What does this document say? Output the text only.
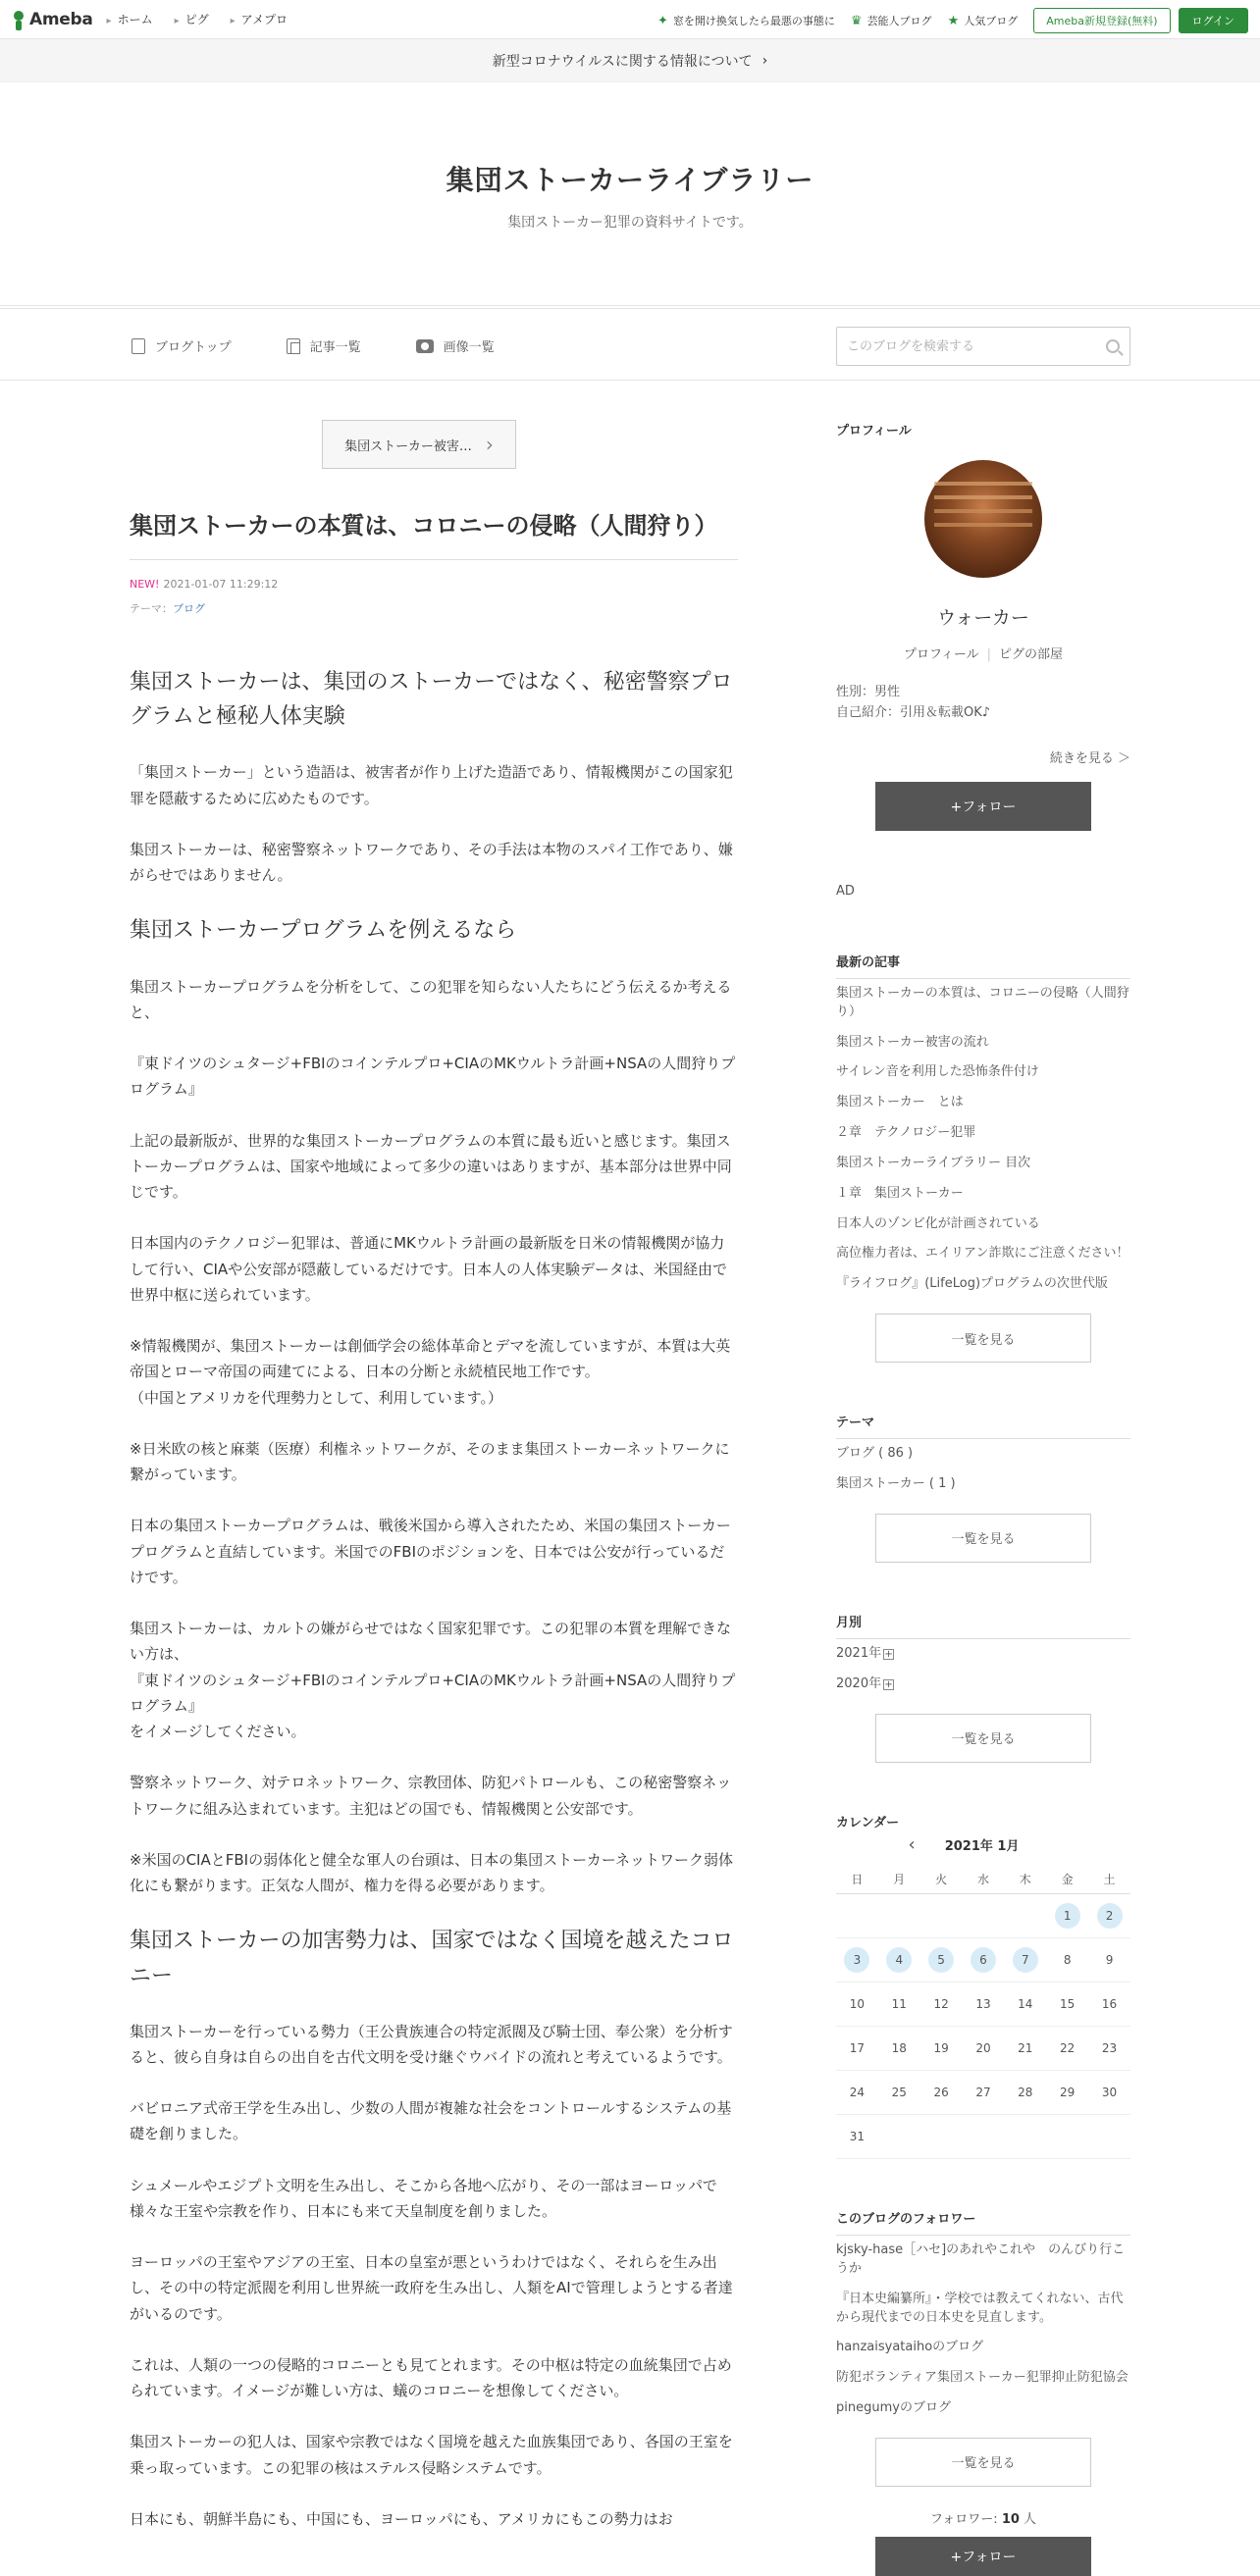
Ameba	▸ ホーム	▸ ピグ	▸ アメプロ	✦ 窓を開け換気したら最悪の事態に ♛ 芸能人ブログ ★ 人気ブログ	Ameba新規登録(無料)	ログイン
新型コロナウイルスに関する情報について ›
集団ストーカーライブラリー
集団ストーカー犯罪の資料サイトです。
ブログトップ	記事一覧	画像一覧
このブログを検索する
集団ストーカー被害… ›
集団ストーカーの本質は、コロニーの侵略（人間狩り）
NEW! 2021-01-07 11:29:12
テーマ：ブログ
集団ストーカーは、集団のストーカーではなく、秘密警察プログラムと極秘人体実験

「集団ストーカー」という造語は、被害者が作り上げた造語であり、情報機関がこの国家犯罪を隠蔽するために広めたものです。

集団ストーカーは、秘密警察ネットワークであり、その手法は本物のスパイ工作であり、嫌がらせではありません。

集団ストーカープログラムを例えるなら

集団ストーカープログラムを分析をして、この犯罪を知らない人たちにどう伝えるか考えると、

『東ドイツのシュタージ+FBIのコインテルプロ+CIAのMKウルトラ計画+NSAの人間狩りプログラム』

上記の最新版が、世界的な集団ストーカープログラムの本質に最も近いと感じます。集団ストーカープログラムは、国家や地域によって多少の違いはありますが、基本部分は世界中同じです。

日本国内のテクノロジー犯罪は、普通にMKウルトラ計画の最新版を日米の情報機関が協力して行い、CIAや公安部が隠蔽しているだけです。日本人の人体実験データは、米国経由で世界中枢に送られています。

※情報機関が、集団ストーカーは創価学会の総体革命とデマを流していますが、本質は大英帝国とローマ帝国の両建てによる、日本の分断と永続植民地工作です。
（中国とアメリカを代理勢力として、利用しています。）

※日米欧の核と麻薬（医療）利権ネットワークが、そのまま集団ストーカーネットワークに繋がっています。

日本の集団ストーカープログラムは、戦後米国から導入されたため、米国の集団ストーカープログラムと直結しています。米国でのFBIのポジションを、日本では公安が行っているだけです。

集団ストーカーは、カルトの嫌がらせではなく国家犯罪です。この犯罪の本質を理解できない方は、
『東ドイツのシュタージ+FBIのコインテルプロ+CIAのMKウルトラ計画+NSAの人間狩りプログラム』
をイメージしてください。

警察ネットワーク、対テロネットワーク、宗教団体、防犯パトロールも、この秘密警察ネットワークに組み込まれています。主犯はどの国でも、情報機関と公安部です。

※米国のCIAとFBIの弱体化と健全な軍人の台頭は、日本の集団ストーカーネットワーク弱体化にも繋がります。正気な人間が、権力を得る必要があります。

集団ストーカーの加害勢力は、国家ではなく国境を越えたコロニー

集団ストーカーを行っている勢力（王公貴族連合の特定派閥及び騎士団、奉公衆）を分析すると、彼ら自身は自らの出自を古代文明を受け継ぐウバイドの流れと考えているようです。

バビロニア式帝王学を生み出し、少数の人間が複雑な社会をコントロールするシステムの基礎を創りました。

シュメールやエジプト文明を生み出し、そこから各地へ広がり、その一部はヨーロッパで様々な王室や宗教を作り、日本にも来て天皇制度を創りました。

ヨーロッパの王室やアジアの王室、日本の皇室が悪というわけではなく、それらを生み出し、その中の特定派閥を利用し世界統一政府を生み出し、人類をAIで管理しようとする者達がいるのです。

これは、人類の一つの侵略的コロニーとも見てとれます。その中枢は特定の血統集団で占められています。イメージが難しい方は、蟻のコロニーを想像してください。

集団ストーカーの犯人は、国家や宗教ではなく国境を越えた血族集団であり、各国の王室を乗っ取っています。この犯罪の核はステルス侵略システムです。

日本にも、朝鮮半島にも、中国にも、ヨーロッパにも、アメリカにもこの勢力はお

プロフィール
ウォーカー
プロフィール | ピグの部屋
性別：男性
自己紹介：引用＆転載OK♪
続きを見る ＞
+フォロー
AD
最新の記事
集団ストーカーの本質は、コロニーの侵略（人間狩り）
集団ストーカー被害の流れ
サイレン音を利用した恐怖条件付け
集団ストーカー　とは
２章　テクノロジー犯罪
集団ストーカーライブラリー 目次
１章　集団ストーカー
日本人のゾンビ化が計画されている
高位権力者は、エイリアン詐欺にご注意ください！
『ライフログ』(LifeLog)プログラムの次世代版
一覧を見る
テーマ
ブログ ( 86 )
集団ストーカー ( 1 )
一覧を見る
月別
2021年 +
2020年 +
一覧を見る
カレンダー
‹ 2021年 1月
日	月	火	水	木	金	土
					1	2
3	4	5	6	7	8	9
10	11	12	13	14	15	16
17	18	19	20	21	22	23
24	25	26	27	28	29	30
31						
このブログのフォロワー
kjsky-hase［ハセ]のあれやこれや　のんびり行こうか
『日本史編纂所』・学校では教えてくれない、古代から現代までの日本史を見直します。
hanzaisyataihoのブログ
防犯ボランティア集団ストーカー犯罪抑止防犯協会
pinegumyのブログ
一覧を見る
フォロワー: 10 人
+フォロー
